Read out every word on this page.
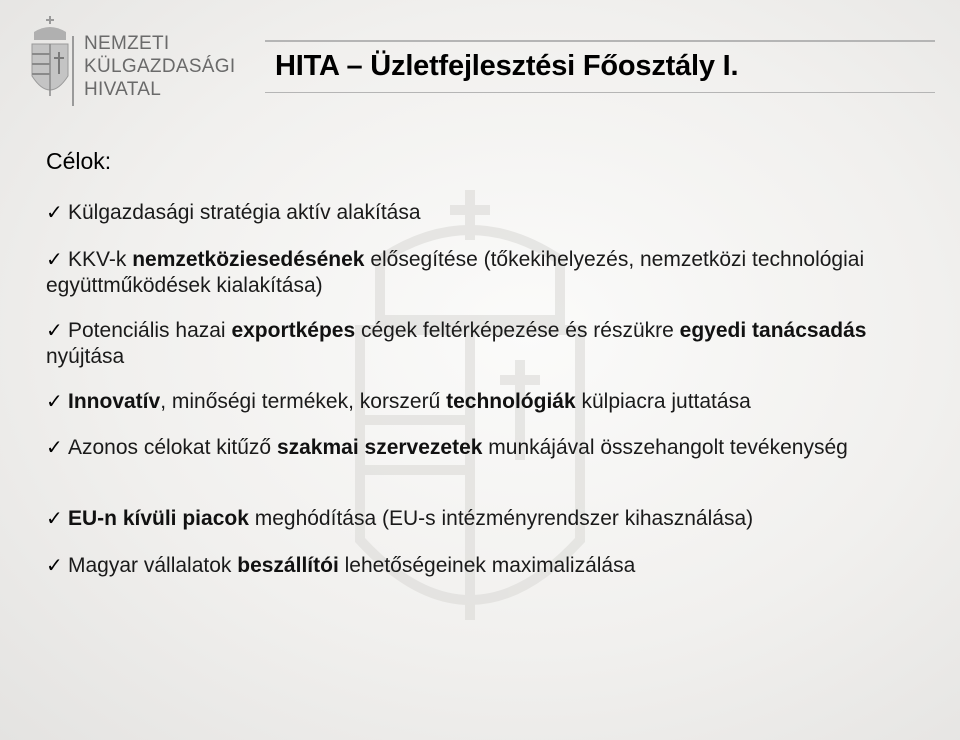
NEMZETI
KÜLGAZDASÁGI
HIVATAL
HITA – Üzletfejlesztési Főosztály I.
Célok:
✓ Külgazdasági stratégia aktív alakítása
✓ KKV-k nemzetköziesedésének elősegítése (tőkekihelyezés, nemzetközi technológiai együttműködések kialakítása)
✓ Potenciális hazai exportképes cégek feltérképezése és részükre egyedi tanácsadás nyújtása
✓ Innovatív, minőségi termékek, korszerű technológiák külpiacra juttatása
✓ Azonos célokat kitűző szakmai szervezetek munkájával összehangolt tevékenység
✓ EU-n kívüli piacok meghódítása (EU-s intézményrendszer kihasználása)
✓ Magyar vállalatok beszállítói lehetőségeinek maximalizálása
